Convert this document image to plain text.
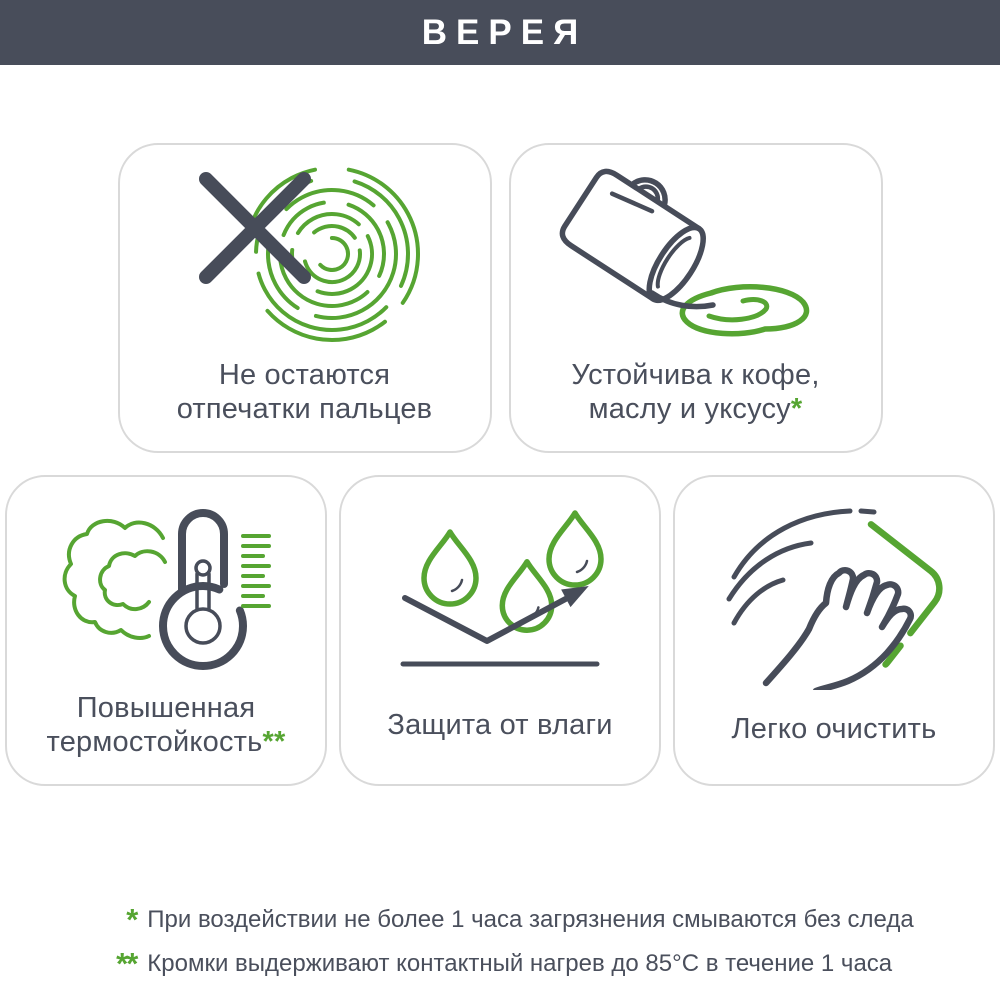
ВЕРЕЯ
Не остаются
отпечатки пальцев
Устойчива к кофе,
маслу и уксусу*
Повышенная
термостойкость**
Защита от влаги	Легко очистить
* При воздействии не более 1 часа загрязнения смываются без следа
** Кромки выдерживают контактный нагрев до 85°С в течение 1 часа
